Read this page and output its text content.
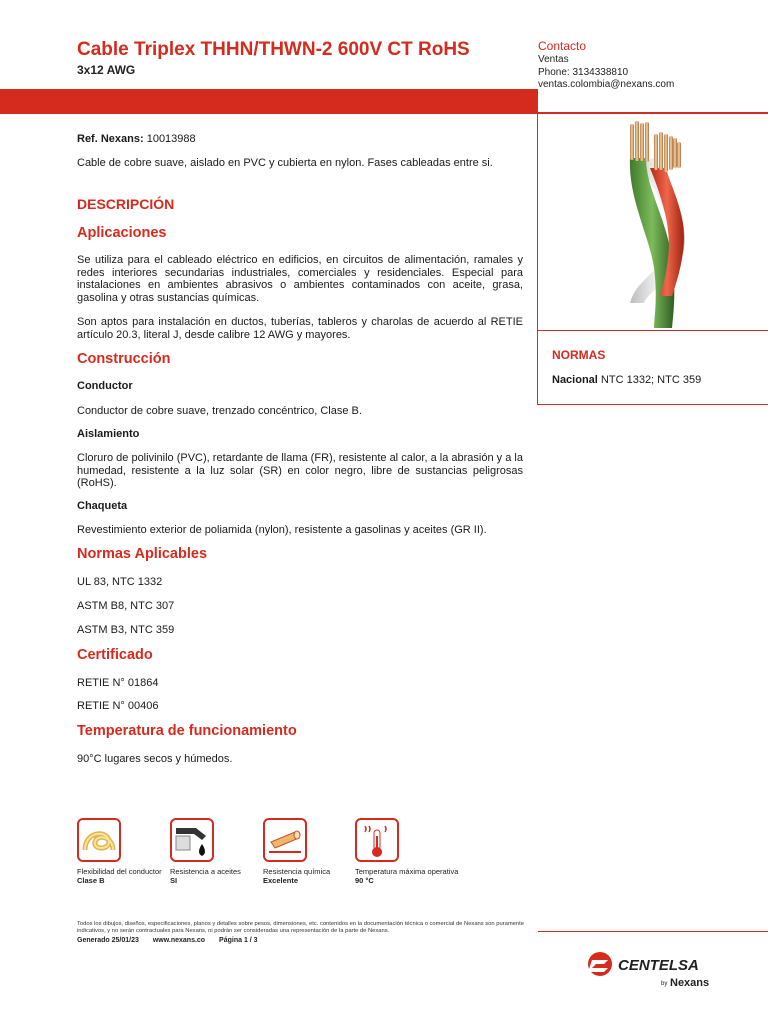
Cable Triplex THHN/THWN-2 600V CT RoHS
3x12 AWG
Contacto
Ventas
Phone: 3134338810
ventas.colombia@nexans.com
NORMAS
Nacional NTC 1332; NTC 359
Ref. Nexans: 10013988

Cable de cobre suave, aislado en PVC y cubierta en nylon. Fases cableadas entre si.

DESCRIPCIÓN
Aplicaciones

Se utiliza para el cableado eléctrico en edificios, en circuitos de alimentación, ramales y redes interiores secundarias industriales, comerciales y residenciales. Especial para instalaciones en ambientes abrasivos o ambientes contaminados con aceite, grasa, gasolina y otras sustancias químicas.

Son aptos para instalación en ductos, tuberías, tableros y charolas de acuerdo al RETIE artículo 20.3, literal J, desde calibre 12 AWG y mayores.

Construcción
Conductor

Conductor de cobre suave, trenzado concéntrico, Clase B.

Aislamiento

Cloruro de polivinilo (PVC), retardante de llama (FR), resistente al calor, a la abrasión y a la humedad, resistente a la luz solar (SR) en color negro, libre de sustancias peligrosas (RoHS).

Chaqueta

Revestimiento exterior de poliamida (nylon), resistente a gasolinas y aceites (GR II).

Normas Aplicables

UL 83, NTC 1332

ASTM B8, NTC 307

ASTM B3, NTC 359

Certificado

RETIE N° 01864

RETIE N° 00406

Temperatura de funcionamiento

90°C lugares secos y húmedos.

Flexibilidad del conductor
Clase B
Resistencia a aceites
SI
Resistencia química
Excelente
Temperatura máxima operativa
90 °C
Todos los dibujos, diseños, especificaciones, planos y detalles sobre pesos, dimensiones, etc. contenidos en la documentación técnica o comercial de Nexans son puramente indicativos, y no serán contractuales para Nexans, ni podrán ser consideradas una representación de la parte de Nexans.
Generado 25/01/23 www.nexans.co Página 1 / 3
CENTELSA
by Nexans
